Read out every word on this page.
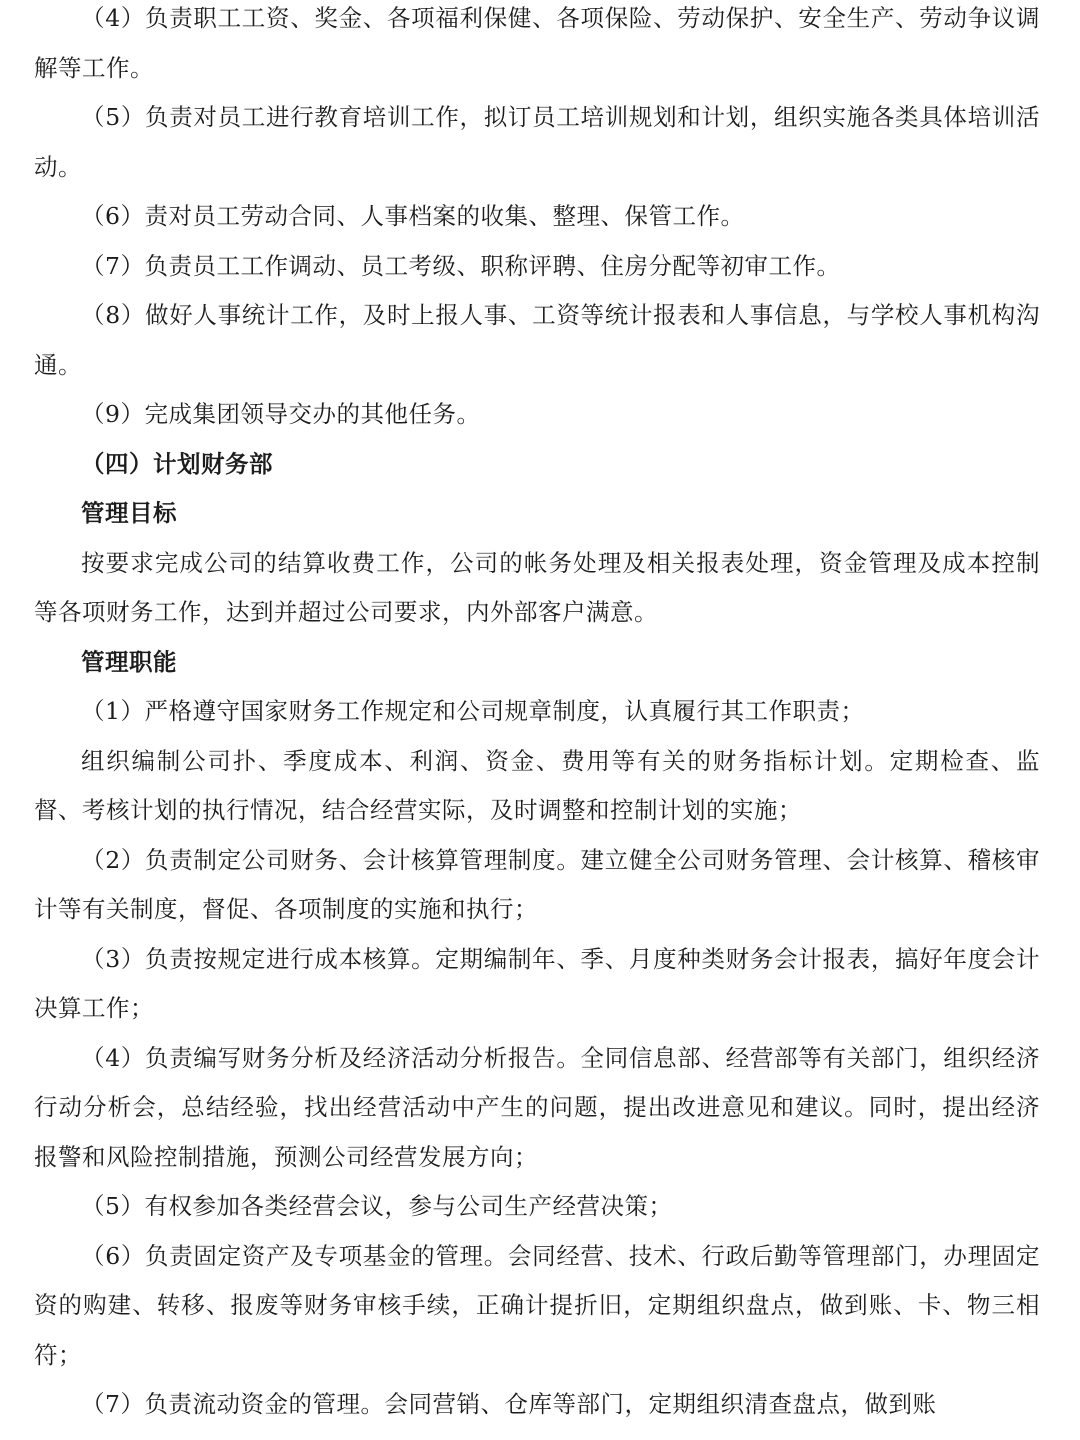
（4）负责职工工资、奖金、各项福利保健、各项保险、劳动保护、安全生产、劳动争议调解等工作。

（5）负责对员工进行教育培训工作，拟订员工培训规划和计划，组织实施各类具体培训活动。

（6）责对员工劳动合同、人事档案的收集、整理、保管工作。

（7）负责员工工作调动、员工考级、职称评聘、住房分配等初审工作。

（8）做好人事统计工作，及时上报人事、工资等统计报表和人事信息，与学校人事机构沟通。

（9）完成集团领导交办的其他任务。

（四）计划财务部

管理目标

按要求完成公司的结算收费工作，公司的帐务处理及相关报表处理，资金管理及成本控制等各项财务工作，达到并超过公司要求，内外部客户满意。

管理职能

（1）严格遵守国家财务工作规定和公司规章制度，认真履行其工作职责；

组织编制公司扑、季度成本、利润、资金、费用等有关的财务指标计划。定期检查、监督、考核计划的执行情况，结合经营实际，及时调整和控制计划的实施；

（2）负责制定公司财务、会计核算管理制度。建立健全公司财务管理、会计核算、稽核审计等有关制度，督促、各项制度的实施和执行；

（3）负责按规定进行成本核算。定期编制年、季、月度种类财务会计报表，搞好年度会计决算工作；

（4）负责编写财务分析及经济活动分析报告。全同信息部、经营部等有关部门，组织经济行动分析会，总结经验，找出经营活动中产生的问题，提出改进意见和建议。同时，提出经济报警和风险控制措施，预测公司经营发展方向；

（5）有权参加各类经营会议，参与公司生产经营决策；

（6）负责固定资产及专项基金的管理。会同经营、技术、行政后勤等管理部门，办理固定资的购建、转移、报废等财务审核手续，正确计提折旧，定期组织盘点，做到账、卡、物三相符；

（7）负责流动资金的管理。会同营销、仓库等部门，定期组织清查盘点，做到账
